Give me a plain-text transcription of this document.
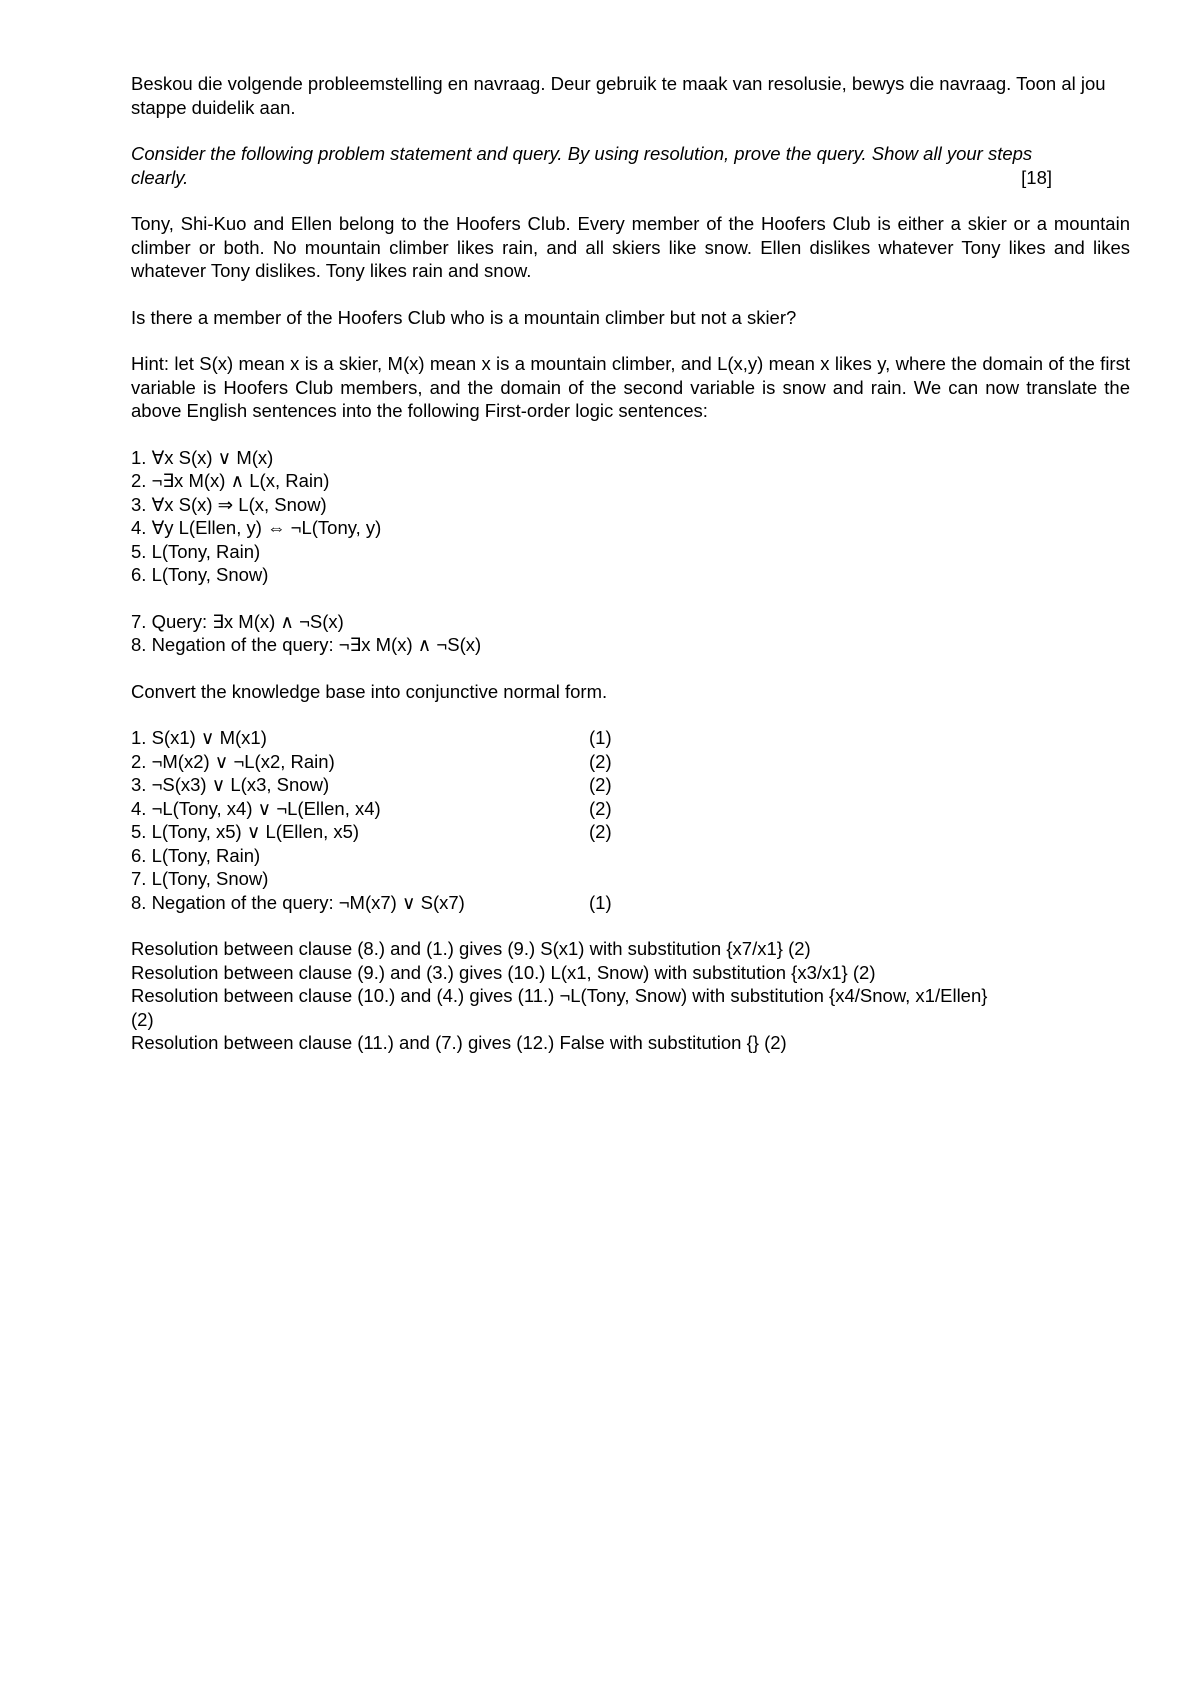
Beskou die volgende probleemstelling en navraag. Deur gebruik te maak van resolusie, bewys die navraag. Toon al jou stappe duidelik aan.

Consider the following problem statement and query. By using resolution, prove the query. Show all your steps

clearly.	[18]

Tony, Shi-Kuo and Ellen belong to the Hoofers Club. Every member of the Hoofers Club is either a skier or a mountain climber or both. No mountain climber likes rain, and all skiers like snow. Ellen dislikes whatever Tony likes and likes whatever Tony dislikes. Tony likes rain and snow.

Is there a member of the Hoofers Club who is a mountain climber but not a skier?

Hint: let S(x) mean x is a skier, M(x) mean x is a mountain climber, and L(x,y) mean x likes y, where the domain of the first variable is Hoofers Club members, and the domain of the second variable is snow and rain. We can now translate the above English sentences into the following First-order logic sentences:

1. ∀x S(x) ∨ M(x)
2. ¬∃x M(x) ∧ L(x, Rain)
3. ∀x S(x) ⇒ L(x, Snow)
4. ∀y L(Ellen, y) ⇔ ¬L(Tony, y)
5. L(Tony, Rain)
6. L(Tony, Snow)
7. Query: ∃x M(x) ∧ ¬S(x)
8. Negation of the query: ¬∃x M(x) ∧ ¬S(x)

Convert the knowledge base into conjunctive normal form.

1. S(x1) ∨ M(x1)	(1)
2. ¬M(x2) ∨ ¬L(x2, Rain)	(2)
3. ¬S(x3) ∨ L(x3, Snow)	(2)
4. ¬L(Tony, x4) ∨ ¬L(Ellen, x4)	(2)
5. L(Tony, x5) ∨ L(Ellen, x5)	(2)
6. L(Tony, Rain)
7. L(Tony, Snow)
8. Negation of the query: ¬M(x7) ∨ S(x7)	(1)

Resolution between clause (8.) and (1.) gives (9.) S(x1) with substitution {x7/x1} (2)

Resolution between clause (9.) and (3.) gives (10.) L(x1, Snow) with substitution {x3/x1} (2)

Resolution between clause (10.) and (4.) gives (11.) ¬L(Tony, Snow) with substitution {x4/Snow, x1/Ellen} (2)

Resolution between clause (11.) and (7.) gives (12.) False with substitution {} (2)
